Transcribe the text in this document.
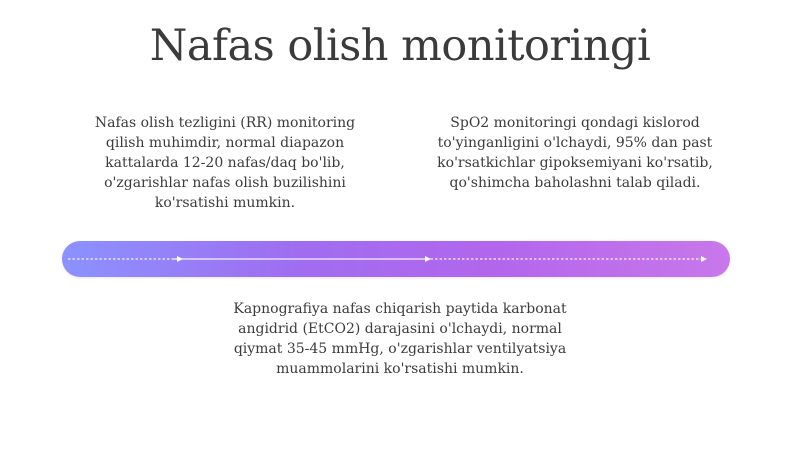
Nafas olish monitoringi

Nafas olish tezligini (RR) monitoring
qilish muhimdir, normal diapazon
kattalarda 12-20 nafas/daq bo'lib,
o'zgarishlar nafas olish buzilishini
ko'rsatishi mumkin.

SpO2 monitoringi qondagi kislorod
to'yinganligini o'lchaydi, 95% dan past
ko'rsatkichlar gipoksemiyani ko'rsatib,
qo'shimcha baholashni talab qiladi.

Kapnografiya nafas chiqarish paytida karbonat
angidrid (EtCO2) darajasini o'lchaydi, normal
qiymat 35-45 mmHg, o'zgarishlar ventilyatsiya
muammolarini ko'rsatishi mumkin.
